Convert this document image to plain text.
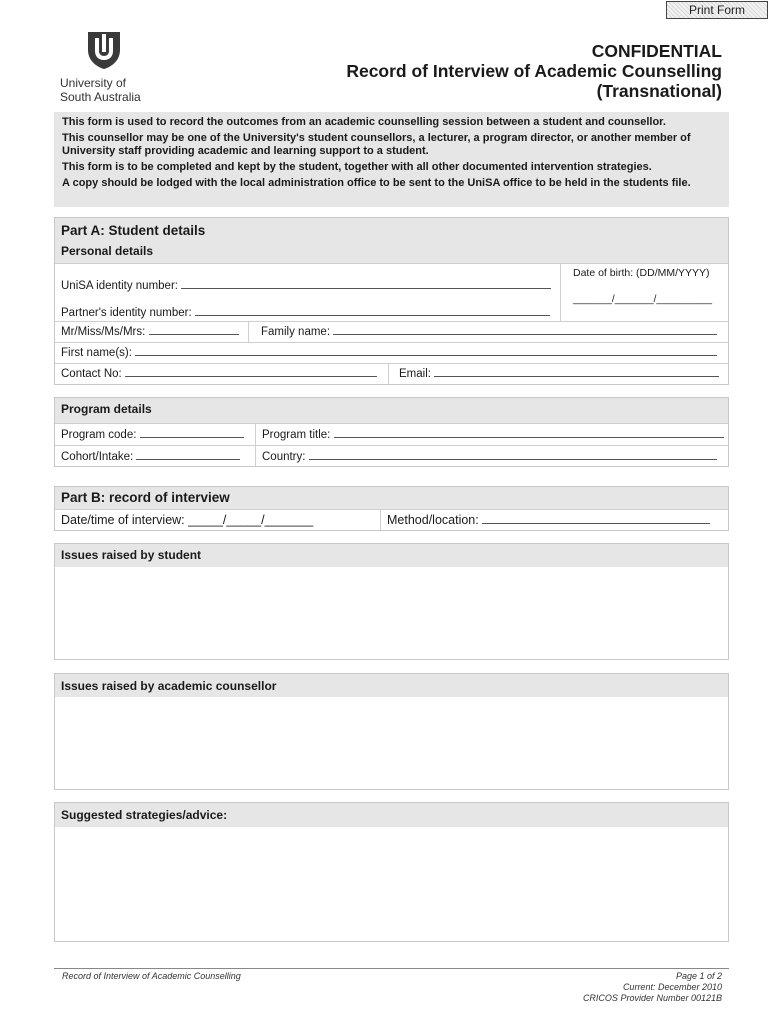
Print Form
University of
South Australia
CONFIDENTIAL
Record of Interview of Academic Counselling
(Transnational)

This form is used to record the outcomes from an academic counselling session between a student and counsellor.

This counsellor may be one of the University's student counsellors, a lecturer, a program director, or another member of University staff providing academic and learning support to a student.

This form is to be completed and kept by the student, together with all other documented intervention strategies.

A copy should be lodged with the local administration office to be sent to the UniSA office to be held in the students file.

Part A: Student details
Personal details
UniSA identity number:
Partner's identity number:
Date of birth: (DD/MM/YYYY)
_______/_______/__________
Mr/Miss/Ms/Mrs:	Family name:
First name(s):
Contact No:	Email:
Program details
Program code:	Program title:
Cohort/Intake:	Country:
Part B: record of interview
Date/time of interview: _____/_____/_______	Method/location:
Issues raised by student
Issues raised by academic counsellor
Suggested strategies/advice:
Record of Interview of Academic Counselling	Page 1 of 2
Current: December 2010
CRICOS Provider Number 00121B
